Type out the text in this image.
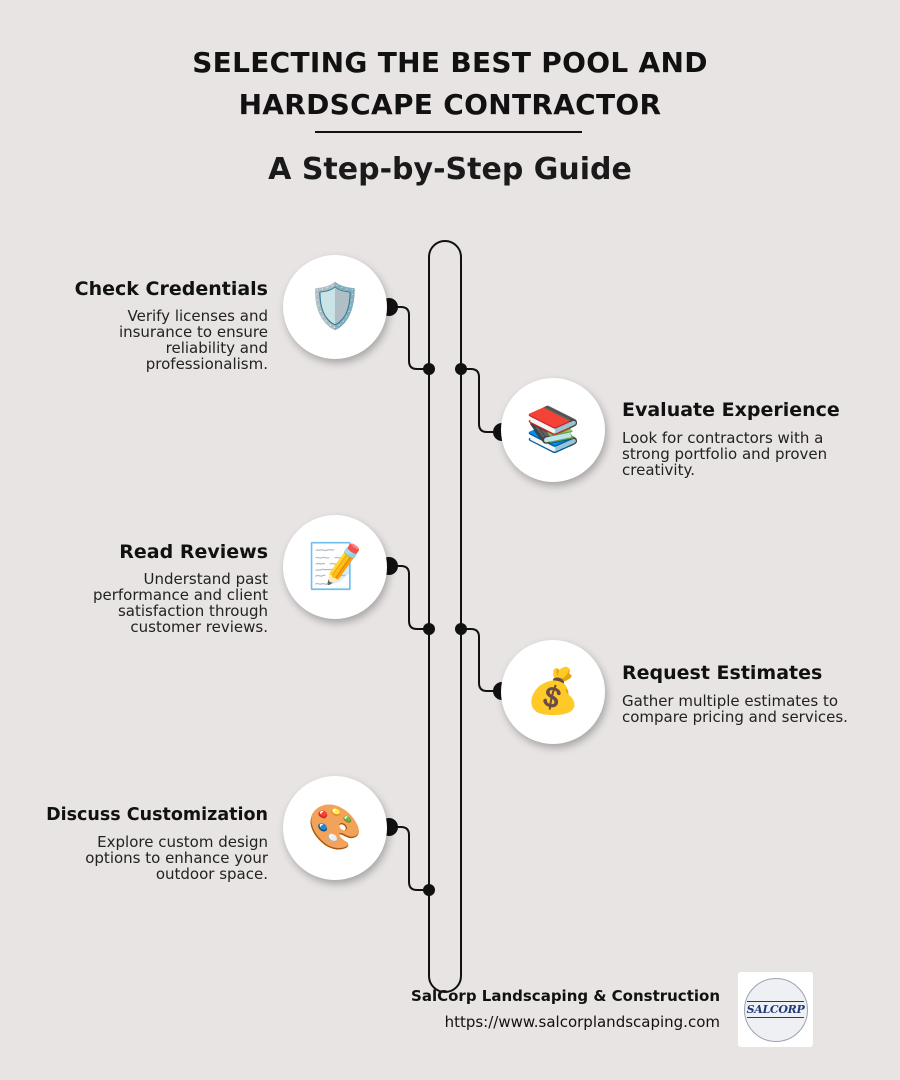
SELECTING THE BEST POOL AND HARDSCAPE CONTRACTOR
A Step-by-Step Guide
Check Credentials
Verify licenses and insurance to ensure reliability and professionalism.
🛡️
📚 Evaluate Experience
Look for contractors with a strong portfolio and proven creativity.
Read Reviews
Understand past performance and client satisfaction through customer reviews.
📝
💰 Request Estimates
Gather multiple estimates to compare pricing and services.
Discuss Customization
Explore custom design options to enhance your outdoor space.
🎨
SalCorp Landscaping & Construction
https://www.salcorplandscaping.com
SALCORP
